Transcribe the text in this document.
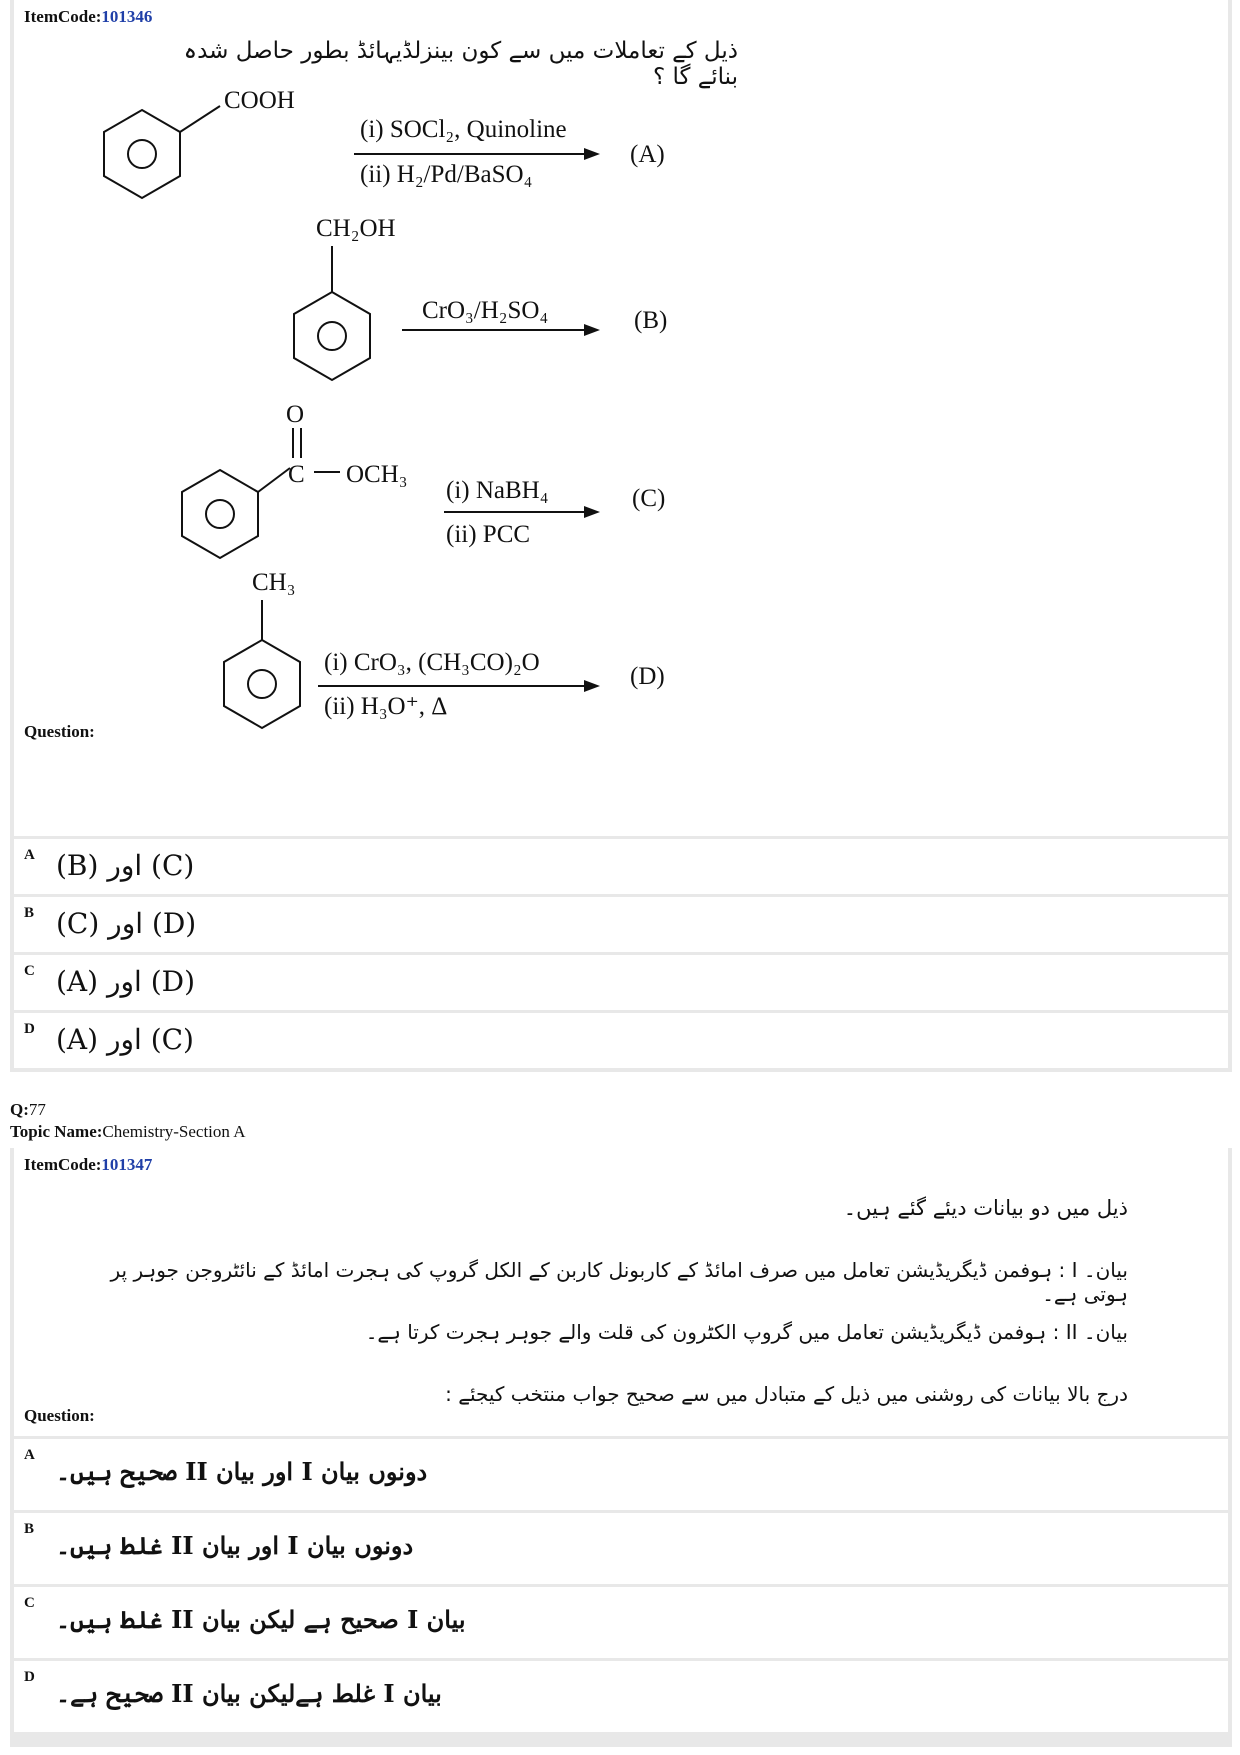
ItemCode:101346
ذیل کے تعاملات میں سے کون بینزلڈیہائڈ بطور حاصل شدہ بنائے گا ؟
COOH
(i) SOCl₂, Quinoline
(ii) H₂/Pd/BaSO₄
(A)
CH₂OH
CrO₃/H₂SO₄	(B)
O
C OCH₃
(i) NaBH₄
(ii) PCC
(C)
CH₃
(i) CrO₃, (CH₃CO)₂O
(ii) H₃O⁺, Δ
(D)
Question:
A (B) اور (C)
B (C) اور (D)
C (A) اور (D)
D (A) اور (C)
Q:77
Topic Name:Chemistry-Section A
ItemCode:101347
ذیل میں دو بیانات دیئے گئے ہیں۔
بیان۔ I : ہوفمن ڈیگریڈیشن تعامل میں صرف امائڈ کے کاربونل کاربن کے الکل گروپ کی ہجرت امائڈ کے نائٹروجن جوہر پر ہوتی ہے۔
بیان۔ II : ہوفمن ڈیگریڈیشن تعامل میں گروپ الکٹرون کی قلت والے جوہر ہجرت کرتا ہے۔
درج بالا بیانات کی روشنی میں ذیل کے متبادل میں سے صحیح جواب منتخب کیجئے :
Question:
A
دونوں بیان I اور بیان II صحیح ہیں۔
B
دونوں بیان I اور بیان II غلط ہیں۔
C
بیان I صحیح ہے لیکن بیان II غلط ہیں۔
D
بیان I غلط ہےلیکن بیان II صحیح ہے۔
